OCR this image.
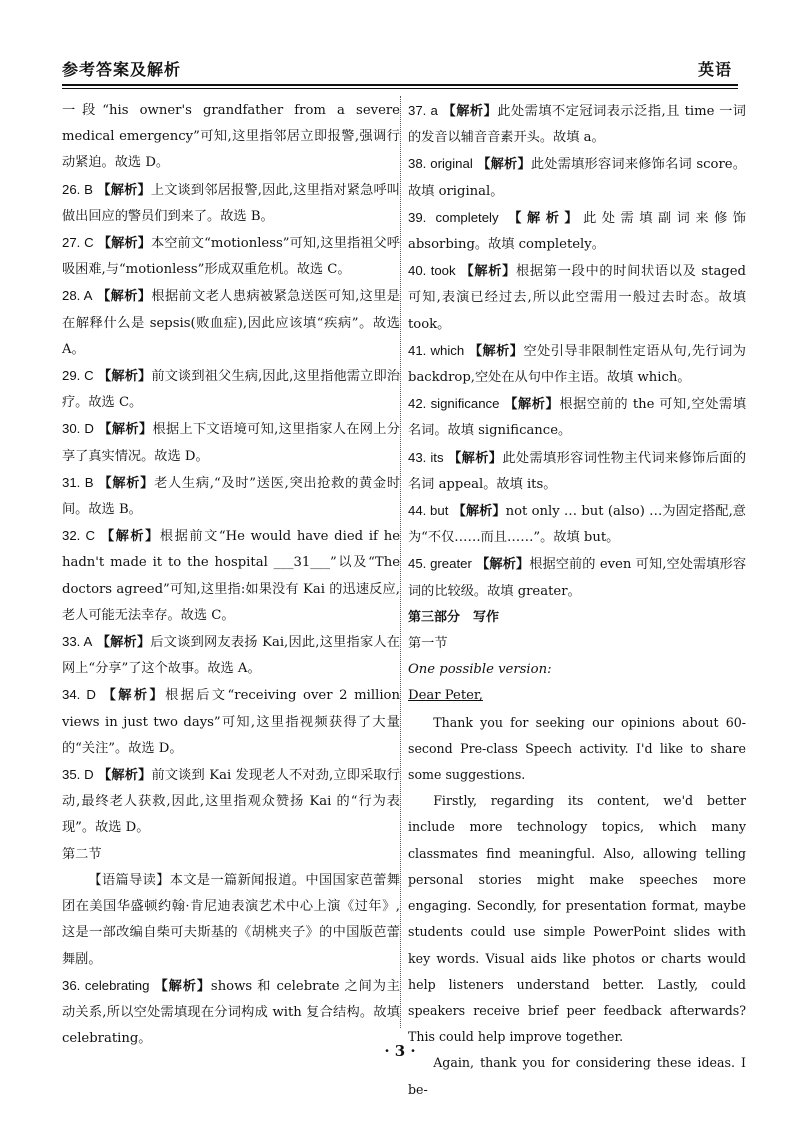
参考答案及解析	英语

一段“his owner's grandfather from a severe medical emergency”可知,这里指邻居立即报警,强调行动紧迫。故选 D。

26. B 【解析】上文谈到邻居报警,因此,这里指对紧急呼叫做出回应的警员们到来了。故选 B。

27. C 【解析】本空前文“motionless”可知,这里指祖父呼吸困难,与“motionless”形成双重危机。故选 C。

28. A 【解析】根据前文老人患病被紧急送医可知,这里是在解释什么是 sepsis(败血症),因此应该填“疾病”。故选 A。

29. C 【解析】前文谈到祖父生病,因此,这里指他需立即治疗。故选 C。

30. D 【解析】根据上下文语境可知,这里指家人在网上分享了真实情况。故选 D。

31. B 【解析】老人生病,“及时”送医,突出抢救的黄金时间。故选 B。

32. C 【解析】根据前文“He would have died if he hadn't made it to the hospital ___31___”以及“The doctors agreed”可知,这里指:如果没有 Kai 的迅速反应,老人可能无法幸存。故选 C。

33. A 【解析】后文谈到网友表扬 Kai,因此,这里指家人在网上“分享”了这个故事。故选 A。

34. D 【解析】根据后文“receiving over 2 million views in just two days”可知,这里指视频获得了大量的“关注”。故选 D。

35. D 【解析】前文谈到 Kai 发现老人不对劲,立即采取行动,最终老人获救,因此,这里指观众赞扬 Kai 的“行为表现”。故选 D。

第二节

【语篇导读】本文是一篇新闻报道。中国国家芭蕾舞团在美国华盛顿约翰·肯尼迪表演艺术中心上演《过年》,这是一部改编自柴可夫斯基的《胡桃夹子》的中国版芭蕾舞剧。

36. celebrating 【解析】shows 和 celebrate 之间为主动关系,所以空处需填现在分词构成 with 复合结构。故填 celebrating。

37. a 【解析】此处需填不定冠词表示泛指,且 time 一词的发音以辅音音素开头。故填 a。

38. original 【解析】此处需填形容词来修饰名词 score。故填 original。

39. completely 【解析】此处需填副词来修饰 absorbing。故填 completely。

40. took 【解析】根据第一段中的时间状语以及 staged 可知,表演已经过去,所以此空需用一般过去时态。故填 took。

41. which 【解析】空处引导非限制性定语从句,先行词为 backdrop,空处在从句中作主语。故填 which。

42. significance 【解析】根据空前的 the 可知,空处需填名词。故填 significance。

43. its 【解析】此处需填形容词性物主代词来修饰后面的名词 appeal。故填 its。

44. but 【解析】not only … but (also) …为固定搭配,意为“不仅……而且……”。故填 but。

45. greater 【解析】根据空前的 even 可知,空处需填形容词的比较级。故填 greater。

第三部分　写作

第一节

One possible version:

Dear Peter,

Thank you for seeking our opinions about 60-second Pre-class Speech activity. I'd like to share some suggestions.

Firstly, regarding its content, we'd better include more technology topics, which many classmates find meaningful. Also, allowing telling personal stories might make speeches more engaging. Secondly, for presentation format, maybe students could use simple PowerPoint slides with key words. Visual aids like photos or charts would help listeners understand better. Lastly, could speakers receive brief peer feedback afterwards? This could help improve together.

Again, thank you for considering these ideas. I be-

· 3 ·
